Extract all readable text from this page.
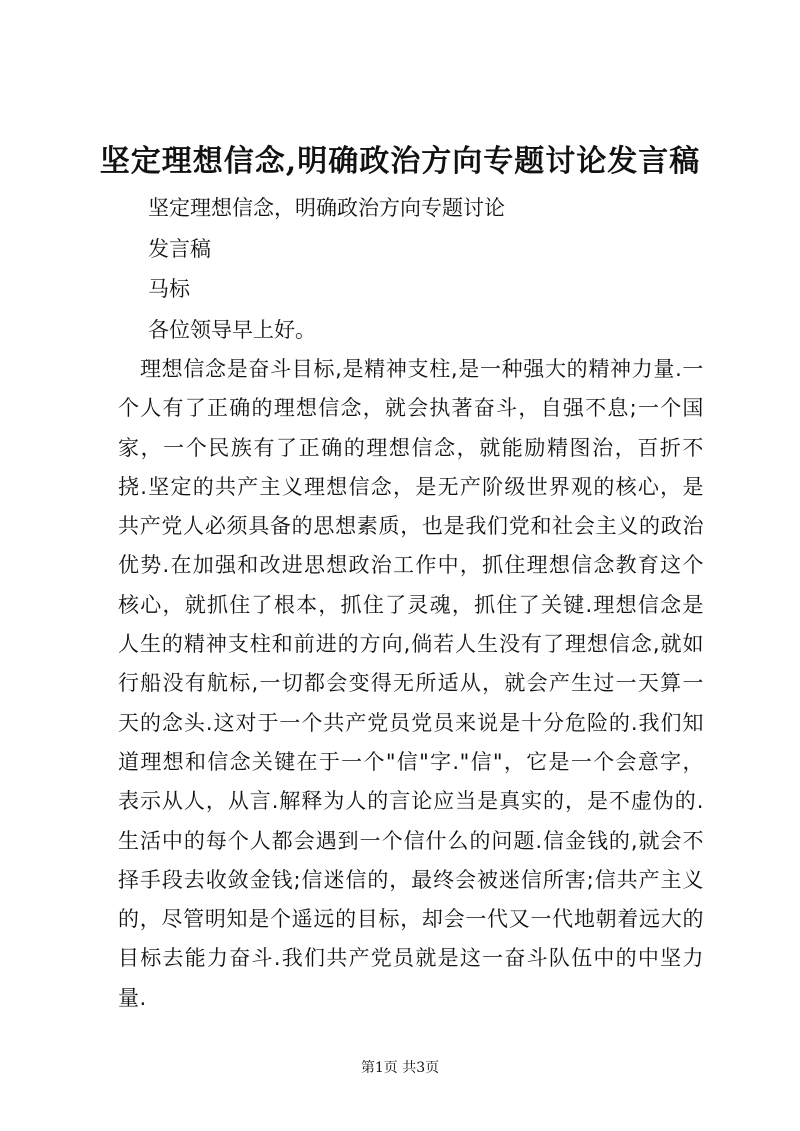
坚定理想信念,明确政治方向专题讨论发言稿

坚定理想信念，明确政治方向专题讨论

发言稿

马标

各位领导早上好。

理想信念是奋斗目标,是精神支柱,是一种强大的精神力量.一个人有了正确的理想信念，就会执著奋斗，自强不息;一个国家，一个民族有了正确的理想信念，就能励精图治，百折不挠.坚定的共产主义理想信念，是无产阶级世界观的核心，是共产党人必须具备的思想素质，也是我们党和社会主义的政治优势.在加强和改进思想政治工作中，抓住理想信念教育这个核心，就抓住了根本，抓住了灵魂，抓住了关键.理想信念是人生的精神支柱和前进的方向,倘若人生没有了理想信念,就如行船没有航标,一切都会变得无所适从，就会产生过一天算一天的念头.这对于一个共产党员党员来说是十分危险的.我们知道理想和信念关键在于一个"信"字."信"，它是一个会意字，表示从人，从言.解释为人的言论应当是真实的，是不虚伪的.生活中的每个人都会遇到一个信什么的问题.信金钱的,就会不择手段去收敛金钱;信迷信的，最终会被迷信所害;信共产主义的，尽管明知是个遥远的目标，却会一代又一代地朝着远大的目标去能力奋斗.我们共产党员就是这一奋斗队伍中的中坚力量.

第1页 共3页
